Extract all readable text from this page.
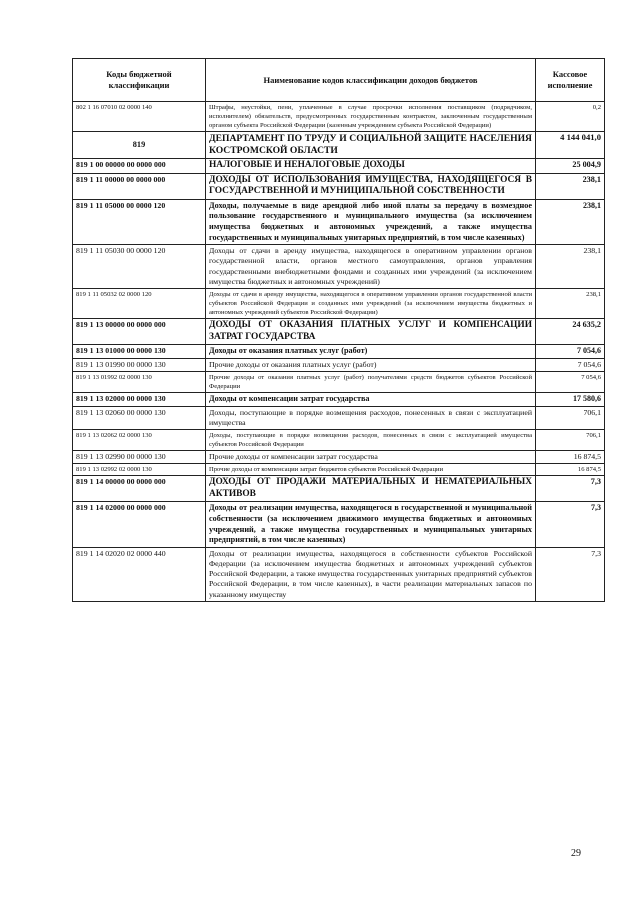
Коды бюджетной классификации	Наименование кодов классификации доходов бюджетов	Кассовое исполнение
802 1 16 07010 02 0000 140	Штрафы, неустойки, пени, уплаченные в случае просрочки исполнения поставщиком (подрядчиком, исполнителем) обязательств, предусмотренных государственным контрактом, заключенным государственным органом субъекта Российской Федерации (казенным учреждением субъекта Российской Федерации)	0,2
819	ДЕПАРТАМЕНТ ПО ТРУДУ И СОЦИАЛЬНОЙ ЗАЩИТЕ НАСЕЛЕНИЯ КОСТРОМСКОЙ ОБЛАСТИ	4 144 041,0
819 1 00 00000 00 0000 000	НАЛОГОВЫЕ И НЕНАЛОГОВЫЕ ДОХОДЫ	25 004,9
819 1 11 00000 00 0000 000	ДОХОДЫ ОТ ИСПОЛЬЗОВАНИЯ ИМУЩЕСТВА, НАХОДЯЩЕГОСЯ В ГОСУДАРСТВЕННОЙ И МУНИЦИПАЛЬНОЙ СОБСТВЕННОСТИ	238,1
819 1 11 05000 00 0000 120	Доходы, получаемые в виде арендной либо иной платы за передачу в возмездное пользование государственного и муниципального имущества (за исключением имущества бюджетных и автономных учреждений, а также имущества государственных и муниципальных унитарных предприятий, в том числе казенных)	238,1
819 1 11 05030 00 0000 120	Доходы от сдачи в аренду имущества, находящегося в оперативном управлении органов государственной власти, органов местного самоуправления, органов управления государственными внебюджетными фондами и созданных ими учреждений (за исключением имущества бюджетных и автономных учреждений)	238,1
819 1 11 05032 02 0000 120	Доходы от сдачи в аренду имущества, находящегося в оперативном управлении органов государственной власти субъектов Российской Федерации и созданных ими учреждений (за исключением имущества бюджетных и автономных учреждений субъектов Российской Федерации)	238,1
819 1 13 00000 00 0000 000	ДОХОДЫ ОТ ОКАЗАНИЯ ПЛАТНЫХ УСЛУГ И КОМПЕНСАЦИИ ЗАТРАТ ГОСУДАРСТВА	24 635,2
819 1 13 01000 00 0000 130	Доходы от оказания платных услуг (работ)	7 054,6
819 1 13 01990 00 0000 130	Прочие доходы от оказания платных услуг (работ)	7 054,6
819 1 13 01992 02 0000 130	Прочие доходы от оказания платных услуг (работ) получателями средств бюджетов субъектов Российской Федерации	7 054,6
819 1 13 02000 00 0000 130	Доходы от компенсации затрат государства	17 580,6
819 1 13 02060 00 0000 130	Доходы, поступающие в порядке возмещения расходов, понесенных в связи с эксплуатацией имущества	706,1
819 1 13 02062 02 0000 130	Доходы, поступающие в порядке возмещения расходов, понесенных в связи с эксплуатацией имущества субъектов Российской Федерации	706,1
819 1 13 02990 00 0000 130	Прочие доходы от компенсации затрат государства	16 874,5
819 1 13 02992 02 0000 130	Прочие доходы от компенсации затрат бюджетов субъектов Российской Федерации	16 874,5
819 1 14 00000 00 0000 000	ДОХОДЫ ОТ ПРОДАЖИ МАТЕРИАЛЬНЫХ И НЕМАТЕРИАЛЬНЫХ АКТИВОВ	7,3
819 1 14 02000 00 0000 000	Доходы от реализации имущества, находящегося в государственной и муниципальной собственности (за исключением движимого имущества бюджетных и автономных учреждений, а также имущества государственных и муниципальных унитарных предприятий, в том числе казенных)	7,3
819 1 14 02020 02 0000 440	Доходы от реализации имущества, находящегося в собственности субъектов Российской Федерации (за исключением имущества бюджетных и автономных учреждений субъектов Российской Федерации, а также имущества государственных унитарных предприятий субъектов Российской Федерации, в том числе казенных), в части реализации материальных запасов по указанному имуществу	7,3
29
